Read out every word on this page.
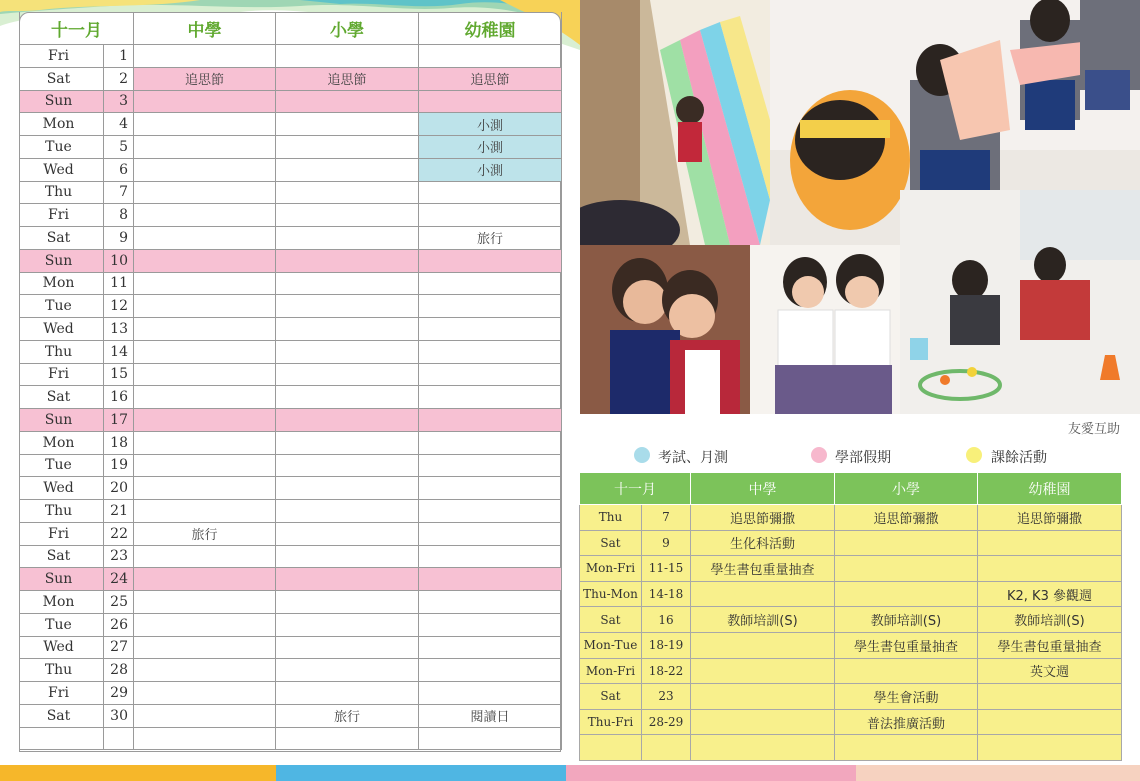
十一月		中學	小學	幼稚園
Fri	1			
Sat	2	追思節	追思節	追思節
Sun	3			
Mon	4			小測
Tue	5			小測
Wed	6			小測
Thu	7			
Fri	8			
Sat	9			旅行
Sun	10			
Mon	11			
Tue	12			
Wed	13			
Thu	14			
Fri	15			
Sat	16			
Sun	17			
Mon	18			
Tue	19			
Wed	20			
Thu	21			
Fri	22	旅行		
Sat	23			
Sun	24			
Mon	25			
Tue	26			
Wed	27			
Thu	28			
Fri	29			
Sat	30		旅行	閱讀日

友愛互助
考試、月測	學部假期	課餘活動
十一月		中學	小學	幼稚園
Thu	7	追思節彌撒	追思節彌撒	追思節彌撒
Sat	9	生化科活動		
Mon-Fri	11-15	學生書包重量抽查		
Thu-Mon	14-18			K2, K3 參觀週
Sat	16	教師培訓(S)	教師培訓(S)	教師培訓(S)
Mon-Tue	18-19		學生書包重量抽查	學生書包重量抽查
Mon-Fri	18-22			英文週
Sat	23		學生會活動	
Thu-Fri	28-29		普法推廣活動	
